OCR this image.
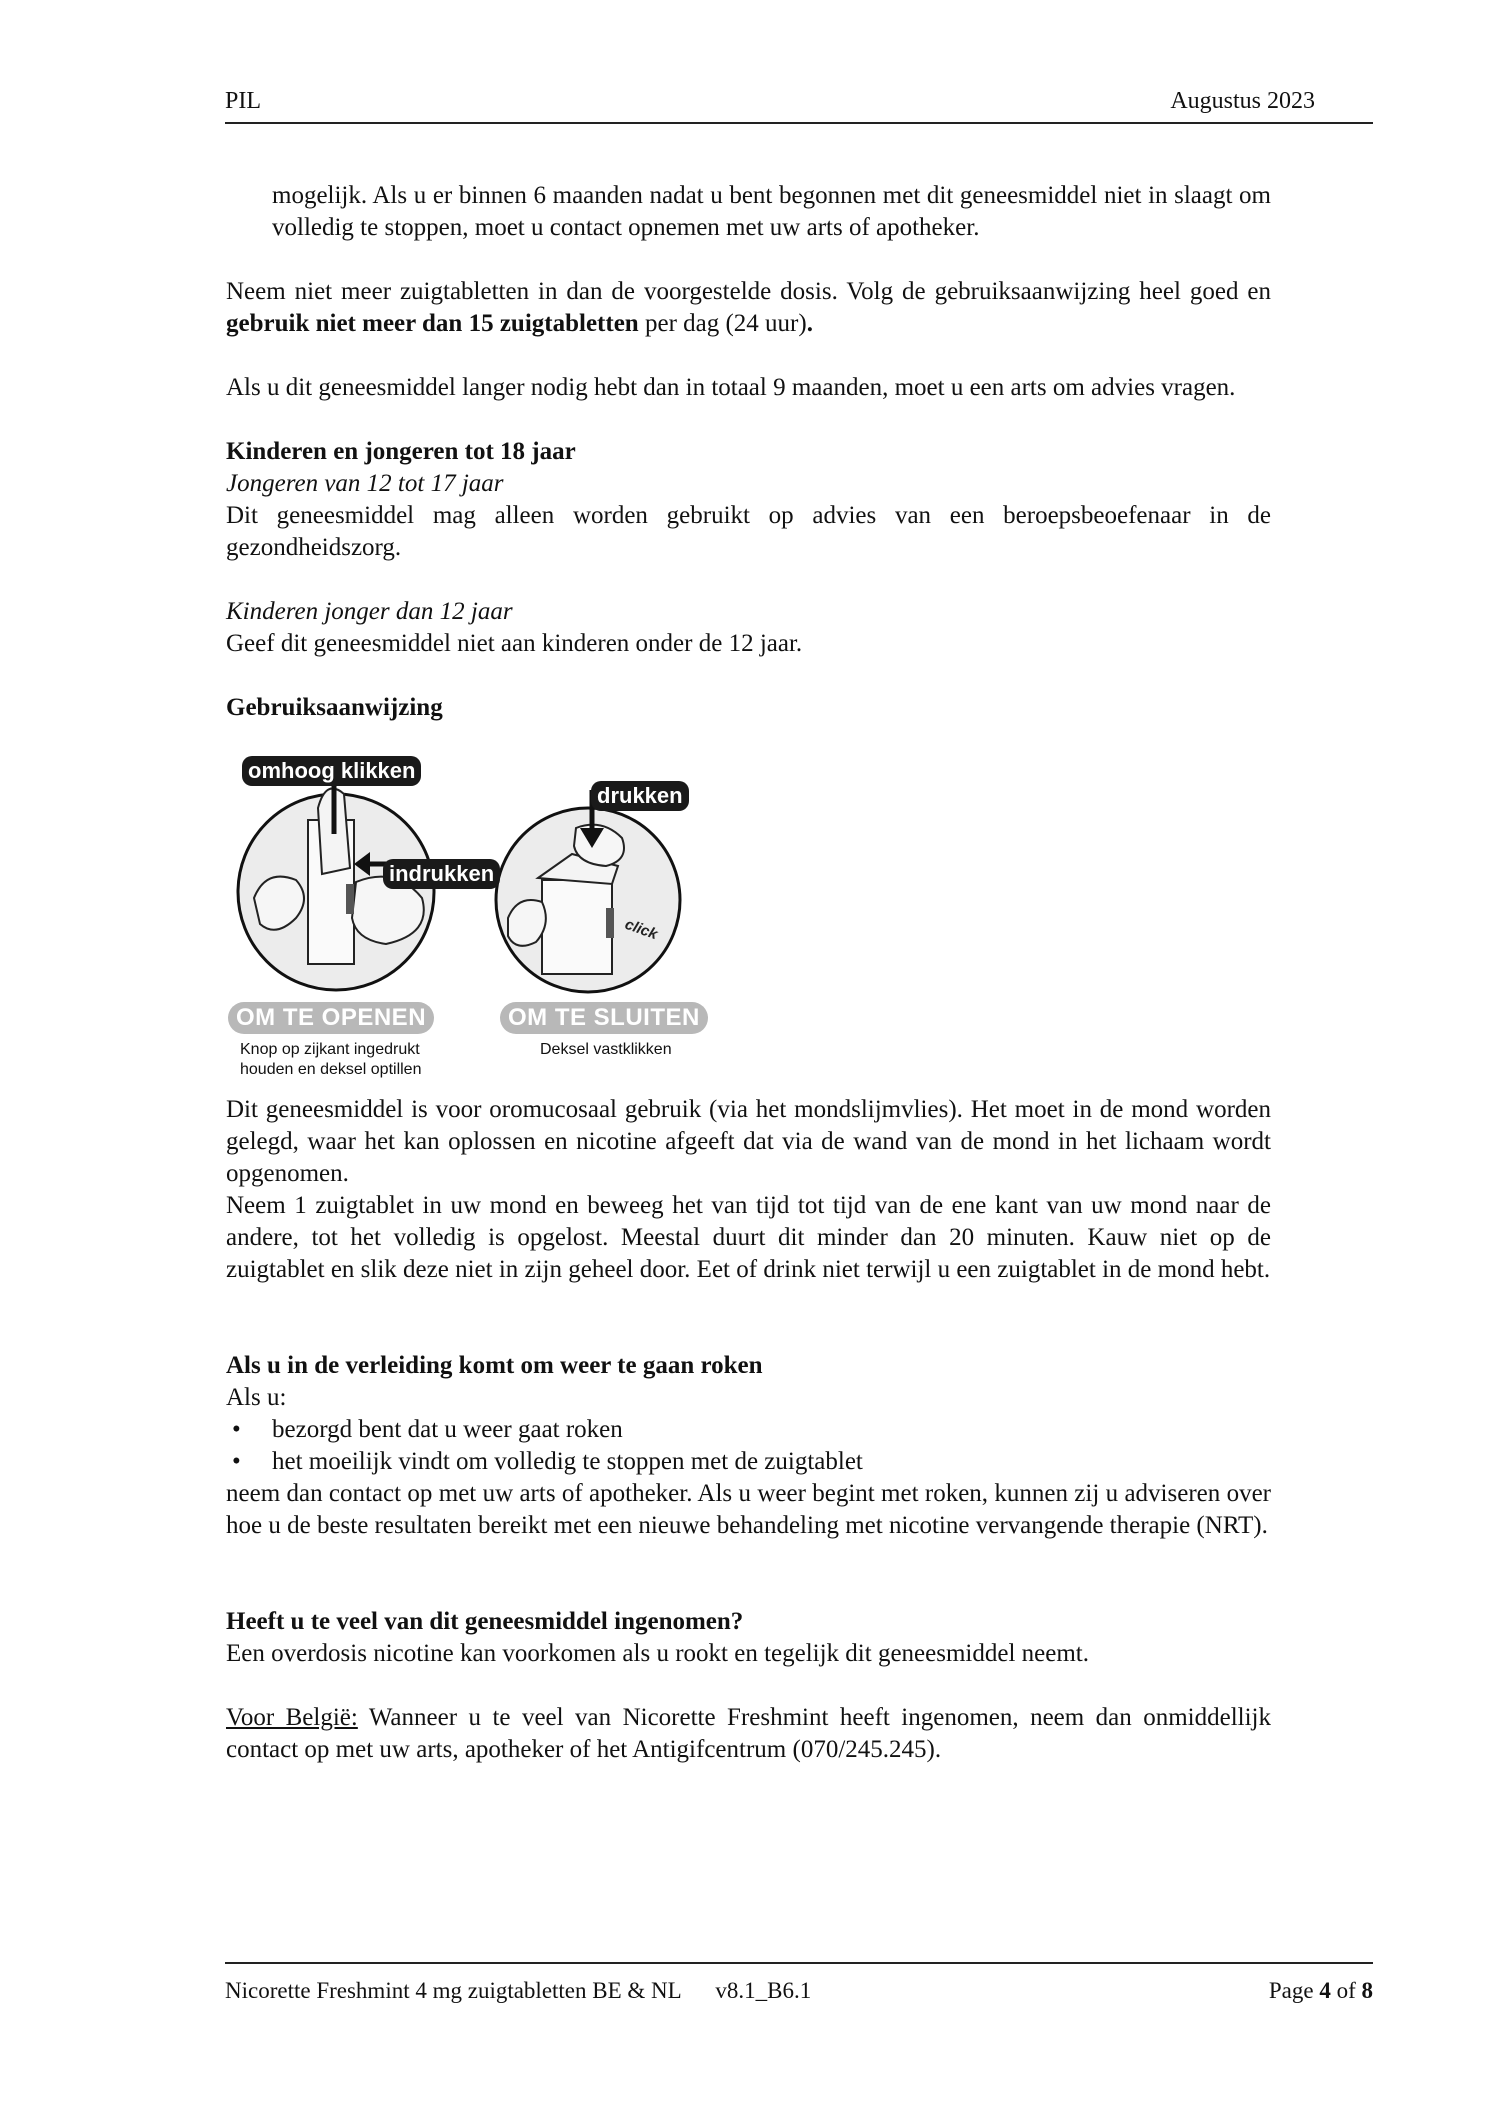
PIL	Augustus 2023

mogelijk. Als u er binnen 6 maanden nadat u bent begonnen met dit geneesmiddel niet in slaagt om volledig te stoppen, moet u contact opnemen met uw arts of apotheker.

Neem niet meer zuigtabletten in dan de voorgestelde dosis. Volg de gebruiksaanwijzing heel goed en gebruik niet meer dan 15 zuigtabletten per dag (24 uur).

Als u dit geneesmiddel langer nodig hebt dan in totaal 9 maanden, moet u een arts om advies vragen.

Kinderen en jongeren tot 18 jaar

Jongeren van 12 tot 17 jaar

Dit geneesmiddel mag alleen worden gebruikt op advies van een beroepsbeoefenaar in de gezondheidszorg.

Kinderen jonger dan 12 jaar

Geef dit geneesmiddel niet aan kinderen onder de 12 jaar.

Gebruiksaanwijzing

click
omhoog klikken
indrukken
drukken
OM TE OPENEN	OM TE SLUITEN
Knop op zijkant ingedrukt
houden en deksel optillen
Deksel vastklikken

Dit geneesmiddel is voor oromucosaal gebruik (via het mondslijmvlies). Het moet in de mond worden gelegd, waar het kan oplossen en nicotine afgeeft dat via de wand van de mond in het lichaam wordt opgenomen.

Neem 1 zuigtablet in uw mond en beweeg het van tijd tot tijd van de ene kant van uw mond naar de andere, tot het volledig is opgelost. Meestal duurt dit minder dan 20 minuten. Kauw niet op de zuigtablet en slik deze niet in zijn geheel door. Eet of drink niet terwijl u een zuigtablet in de mond hebt.

Als u in de verleiding komt om weer te gaan roken

Als u:

• bezorgd bent dat u weer gaat roken
• het moeilijk vindt om volledig te stoppen met de zuigtablet

neem dan contact op met uw arts of apotheker. Als u weer begint met roken, kunnen zij u adviseren over hoe u de beste resultaten bereikt met een nieuwe behandeling met nicotine vervangende therapie (NRT).

Heeft u te veel van dit geneesmiddel ingenomen?

Een overdosis nicotine kan voorkomen als u rookt en tegelijk dit geneesmiddel neemt.

Voor België: Wanneer u te veel van Nicorette Freshmint heeft ingenomen, neem dan onmiddellijk contact op met uw arts, apotheker of het Antigifcentrum (070/245.245).

Nicorette Freshmint 4 mg zuigtabletten BE & NL      v8.1_B6.1	Page 4 of 8
